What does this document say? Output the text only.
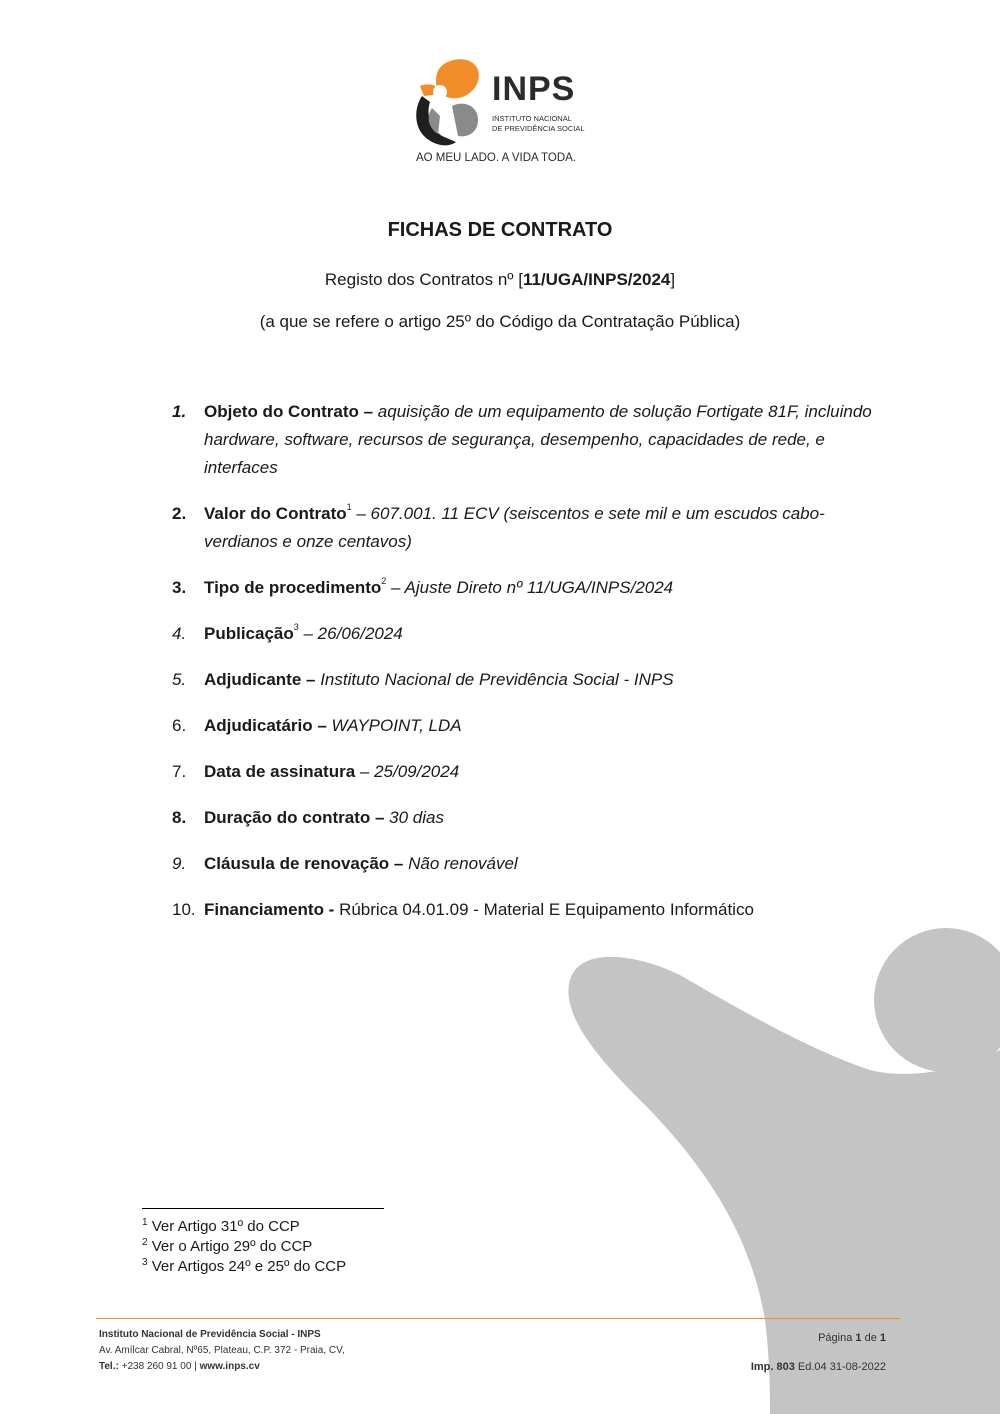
INPS
INSTITUTO NACIONAL
DE PREVIDÊNCIA SOCIAL
AO MEU LADO. A VIDA TODA.
FICHAS DE CONTRATO
Registo dos Contratos nº [11/UGA/INPS/2024]
(a que se refere o artigo 25º do Código da Contratação Pública)
1. Objeto do Contrato – aquisição de um equipamento de solução Fortigate 81F, incluindo hardware, software, recursos de segurança, desempenho, capacidades de rede, e interfaces
2. Valor do Contrato$^1$ – 607.001. 11 ECV (seiscentos e sete mil e um escudos cabo-verdianos e onze centavos)
3. Tipo de procedimento$^2$ – Ajuste Direto nº 11/UGA/INPS/2024
4. Publicação$^3$ – 26/06/2024
5. Adjudicante – Instituto Nacional de Previdência Social - INPS
6. Adjudicatário – WAYPOINT, LDA
7. Data de assinatura – 25/09/2024
8. Duração do contrato – 30 dias
9. Cláusula de renovação – Não renovável
10. Financiamento - Rúbrica 04.01.09 - Material E Equipamento Informático
$^1$ Ver Artigo 31º do CCP
$^2$ Ver o Artigo 29º do CCP
$^3$ Ver Artigos 24º e 25º do CCP
Instituto Nacional de Previdência Social - INPS
Av. Amílcar Cabral, Nº65, Plateau, C.P. 372 - Praia, CV,
Tel.: +238 260 91 00 | www.inps.cv
Página 1 de 1
Imp. 803 Ed.04 31-08-2022
